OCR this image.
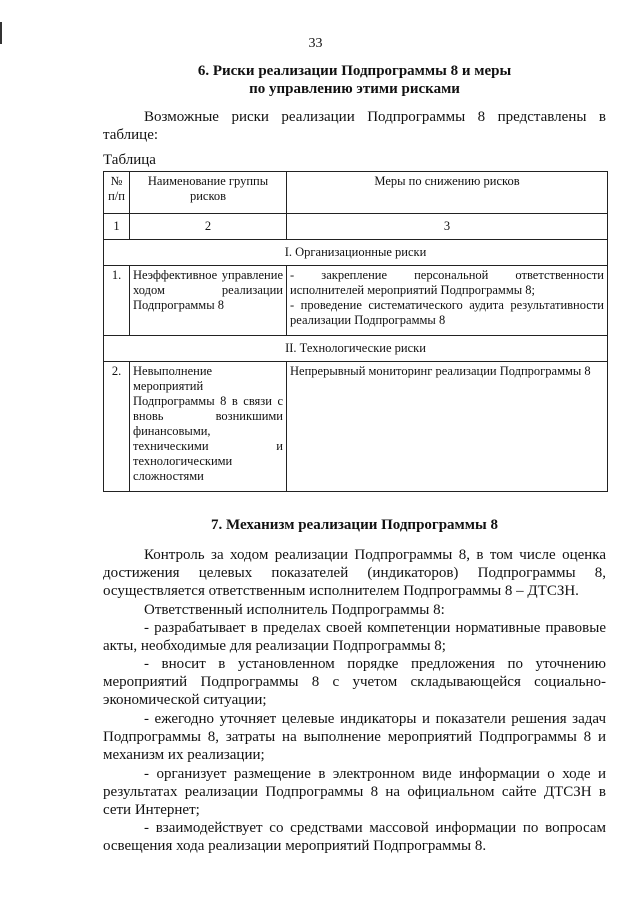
33
6. Риски реализации Подпрограммы 8 и меры
по управлению этими рисками
Возможные риски реализации Подпрограммы 8 представлены в таблице:
Таблица
№ п/п	Наименование группы рисков	Меры по снижению рисков
1	2	3
I. Организационные риски		
1.	Неэффективное управление ходом реализации Подпрограммы 8	- закрепление персональной ответственности исполнителей мероприятий Подпрограммы 8;
- проведение систематического аудита результативности реализации Подпрограммы 8

II. Технологические риски		
2.	Невыполнение мероприятий Подпрограммы 8 в связи с вновь возникшими финансовыми, техническими и технологическими сложностями	Непрерывный мониторинг реализации Подпрограммы 8
7. Механизм реализации Подпрограммы 8
Контроль за ходом реализации Подпрограммы 8, в том числе оценка достижения целевых показателей (индикаторов) Подпрограммы 8, осуществляется ответственным исполнителем Подпрограммы 8 – ДТСЗН.
Ответственный исполнитель Подпрограммы 8:
- разрабатывает в пределах своей компетенции нормативные правовые акты, необходимые для реализации Подпрограммы 8;
- вносит в установленном порядке предложения по уточнению мероприятий Подпрограммы 8 с учетом складывающейся социально-экономической ситуации;
- ежегодно уточняет целевые индикаторы и показатели решения задач Подпрограммы 8, затраты на выполнение мероприятий Подпрограммы 8 и механизм их реализации;
- организует размещение в электронном виде информации о ходе и результатах реализации Подпрограммы 8 на официальном сайте ДТСЗН в сети Интернет;
- взаимодействует со средствами массовой информации по вопросам освещения хода реализации мероприятий Подпрограммы 8.
